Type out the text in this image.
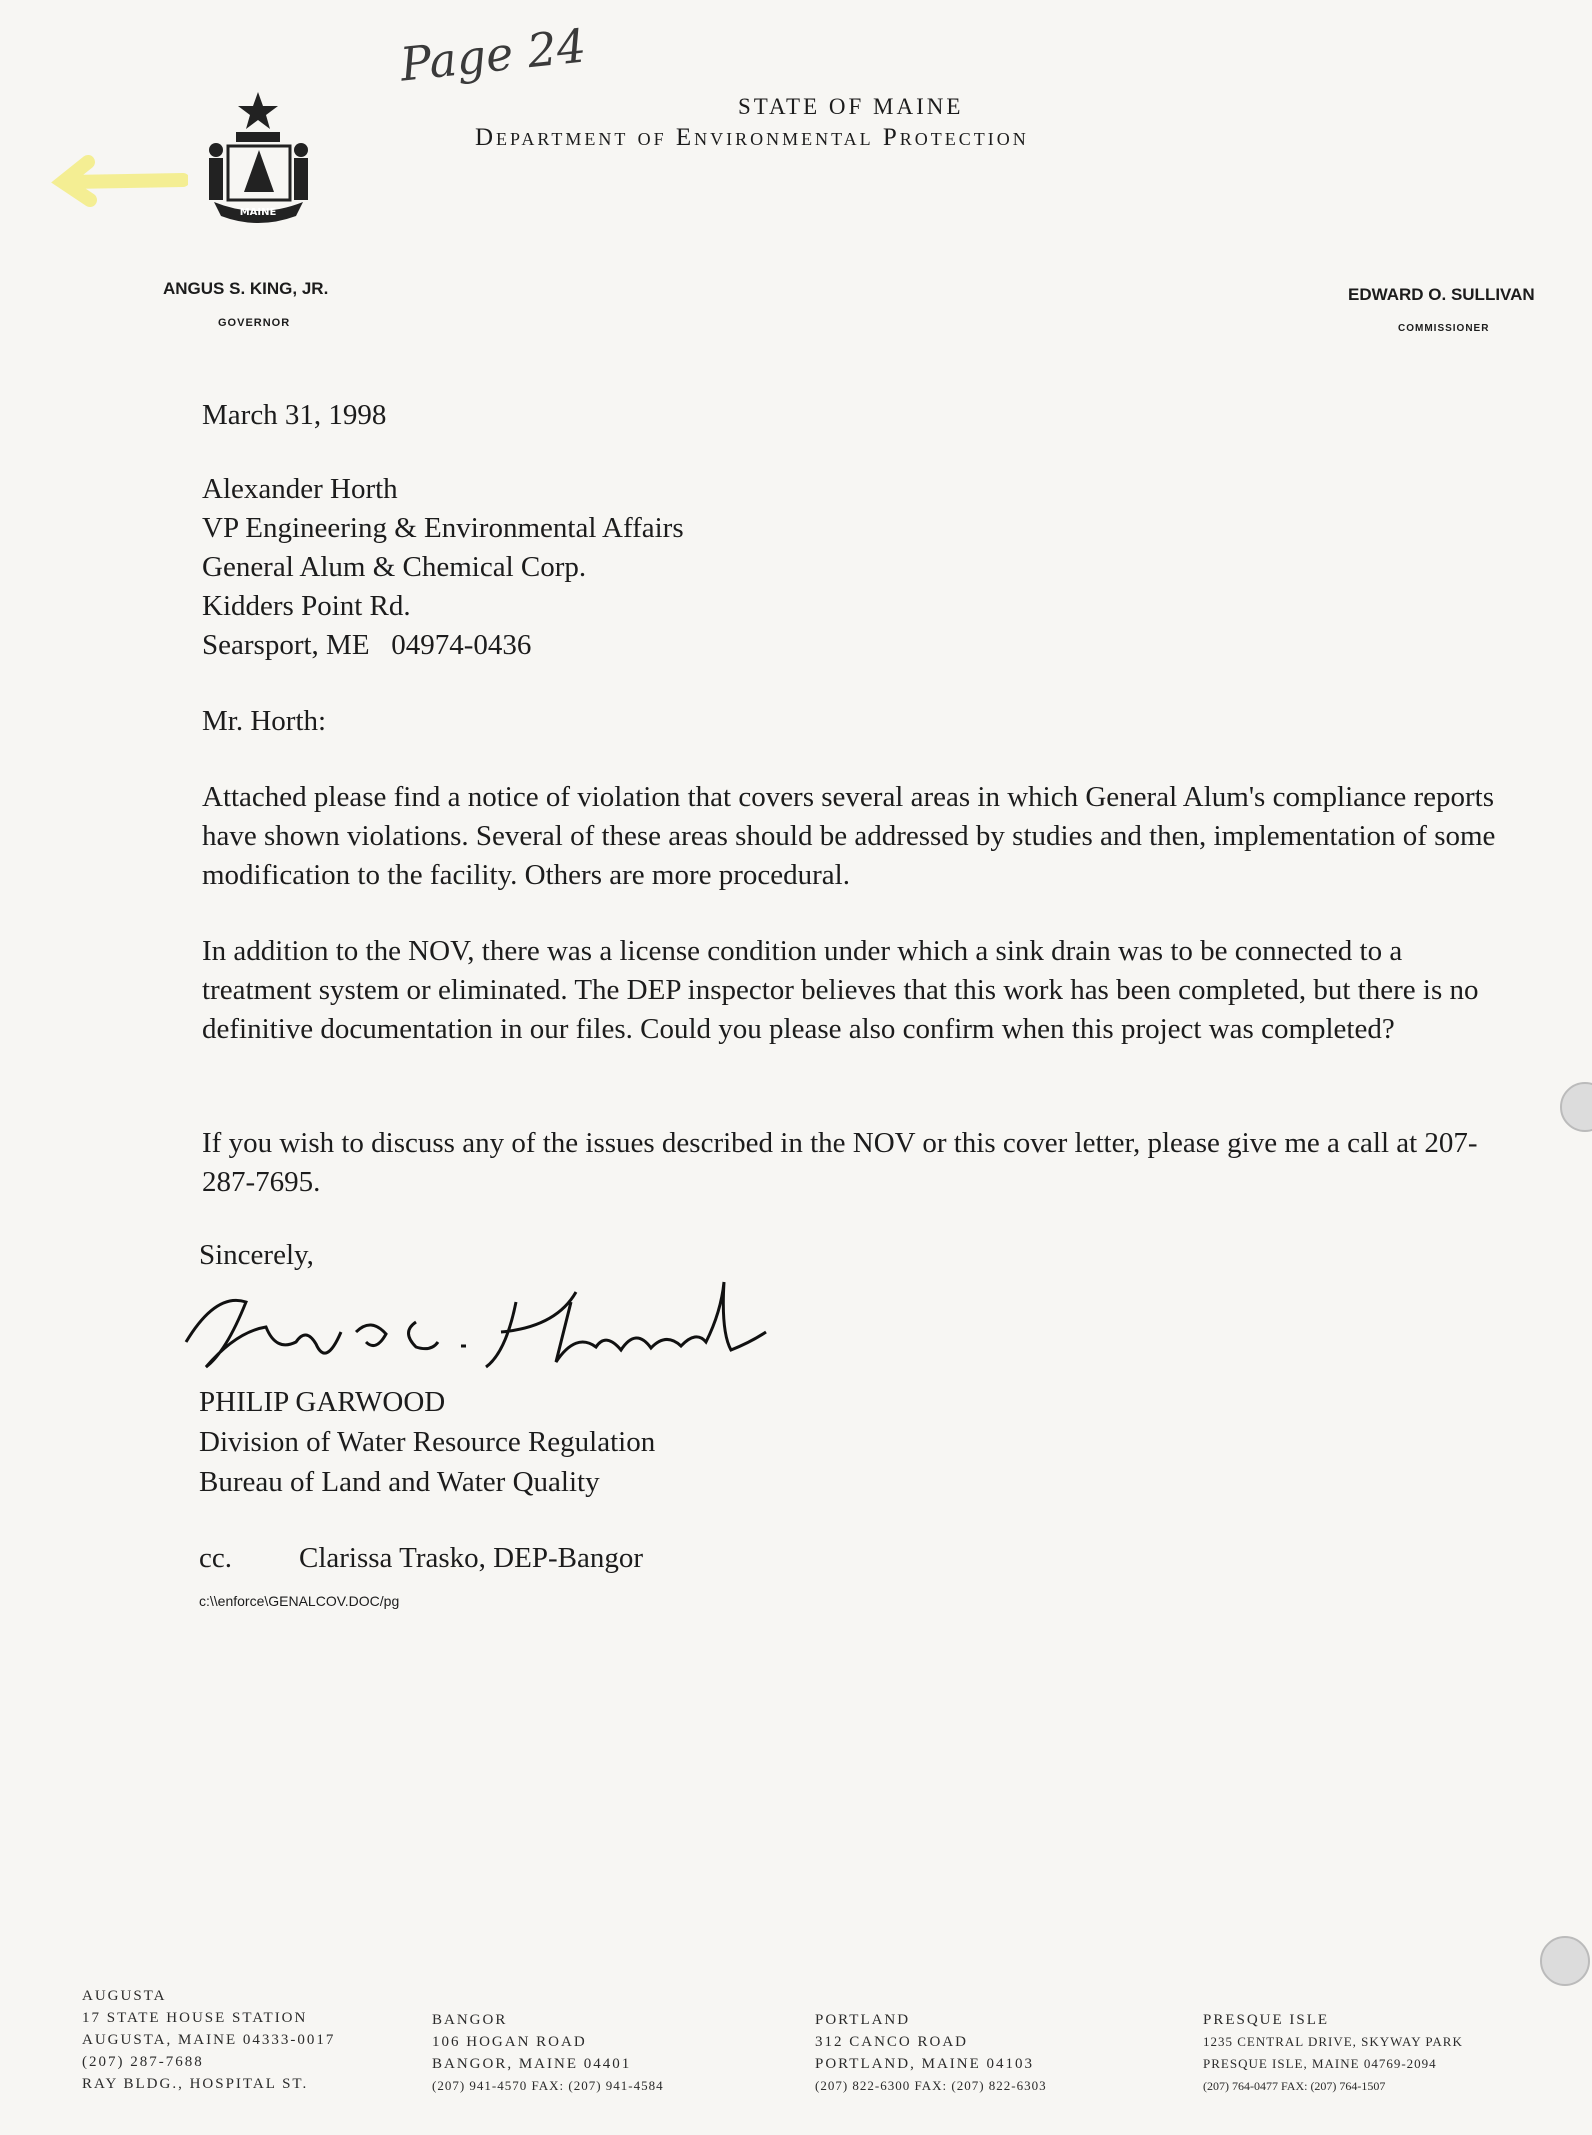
Page 24
MAINE
STATE OF MAINE
Department of Environmental Protection
ANGUS S. KING, JR.
GOVERNOR
EDWARD O. SULLIVAN
COMMISSIONER
March 31, 1998
Alexander Horth
VP Engineering & Environmental Affairs
General Alum & Chemical Corp.
Kidders Point Rd.
Searsport, ME   04974-0436
Mr. Horth:
Attached please find a notice of violation that covers several areas in which General Alum's compliance reports have shown violations. Several of these areas should be addressed by studies and then, implementation of some modification to the facility. Others are more procedural.
In addition to the NOV, there was a license condition under which a sink drain was to be connected to a treatment system or eliminated. The DEP inspector believes that this work has been completed, but there is no definitive documentation in our files. Could you please also confirm when this project was completed?
If you wish to discuss any of the issues described in the NOV or this cover letter, please give me a call at 207-287-7695.
Sincerely,
PHILIP GARWOOD
Division of Water Resource Regulation
Bureau of Land and Water Quality
cc. Clarissa Trasko, DEP-Bangor
c:\\enforce\GENALCOV.DOC/pg
AUGUSTA
17 STATE HOUSE STATION
AUGUSTA, MAINE 04333-0017
(207) 287-7688
RAY BLDG., HOSPITAL ST.
BANGOR
106 HOGAN ROAD
BANGOR, MAINE 04401
(207) 941-4570 FAX: (207) 941-4584
PORTLAND
312 CANCO ROAD
PORTLAND, MAINE 04103
(207) 822-6300 FAX: (207) 822-6303
PRESQUE ISLE
1235 CENTRAL DRIVE, SKYWAY PARK
PRESQUE ISLE, MAINE 04769-2094
(207) 764-0477 FAX: (207) 764-1507
